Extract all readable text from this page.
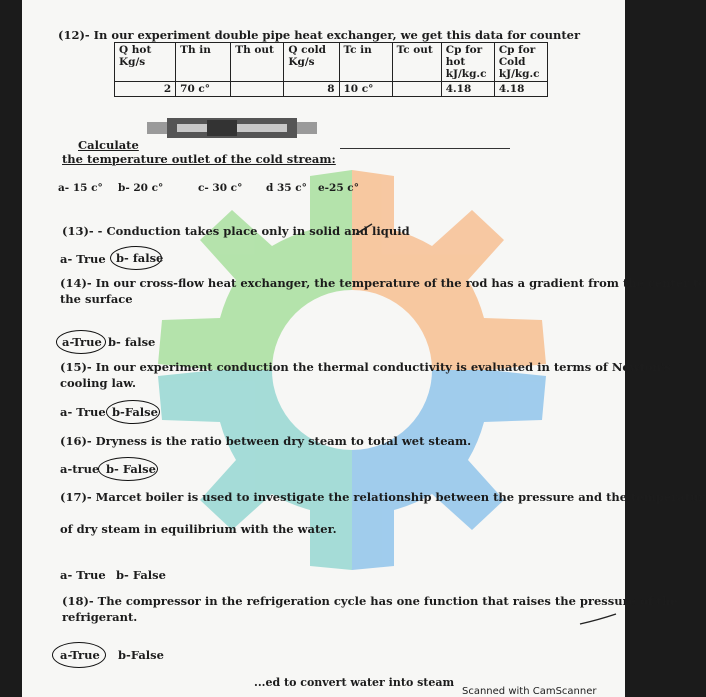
(12)- In our experiment double pipe heat exchanger, we get this data for counter
Q hot Kg/s	Th in	Th out	Q cold Kg/s	Tc in	Tc out	Cp for hot kJ/kg.c	Cp for Cold kJ/kg.c
2	70 c°		8	10 c°		4.18	4.18
Calculate
the temperature outlet of the cold stream:
a- 15 c° b- 20 c°	c- 30 c° d 35 c° e-25 c°
(13)- - Conduction takes place only in solid and liquid
a- True b- false
(14)- In our cross-flow heat exchanger, the temperature of the rod has a gradient from the center to
the surface
a-True b- false
(15)- In our experiment conduction the thermal conductivity is evaluated in terms of Newton's
cooling law.
a- True b-False
(16)- Dryness is the ratio between dry steam to total wet steam.
a-true b- False
(17)- Marcet boiler is used to investigate the relationship between the pressure and the temperatur
of dry steam in equilibrium with the water.
a- True b- False
(18)- The compressor in the refrigeration cycle has one function that raises the pressure of the
refrigerant.
a-True b-False
...ed to convert water into steam
Scanned with CamScanner
